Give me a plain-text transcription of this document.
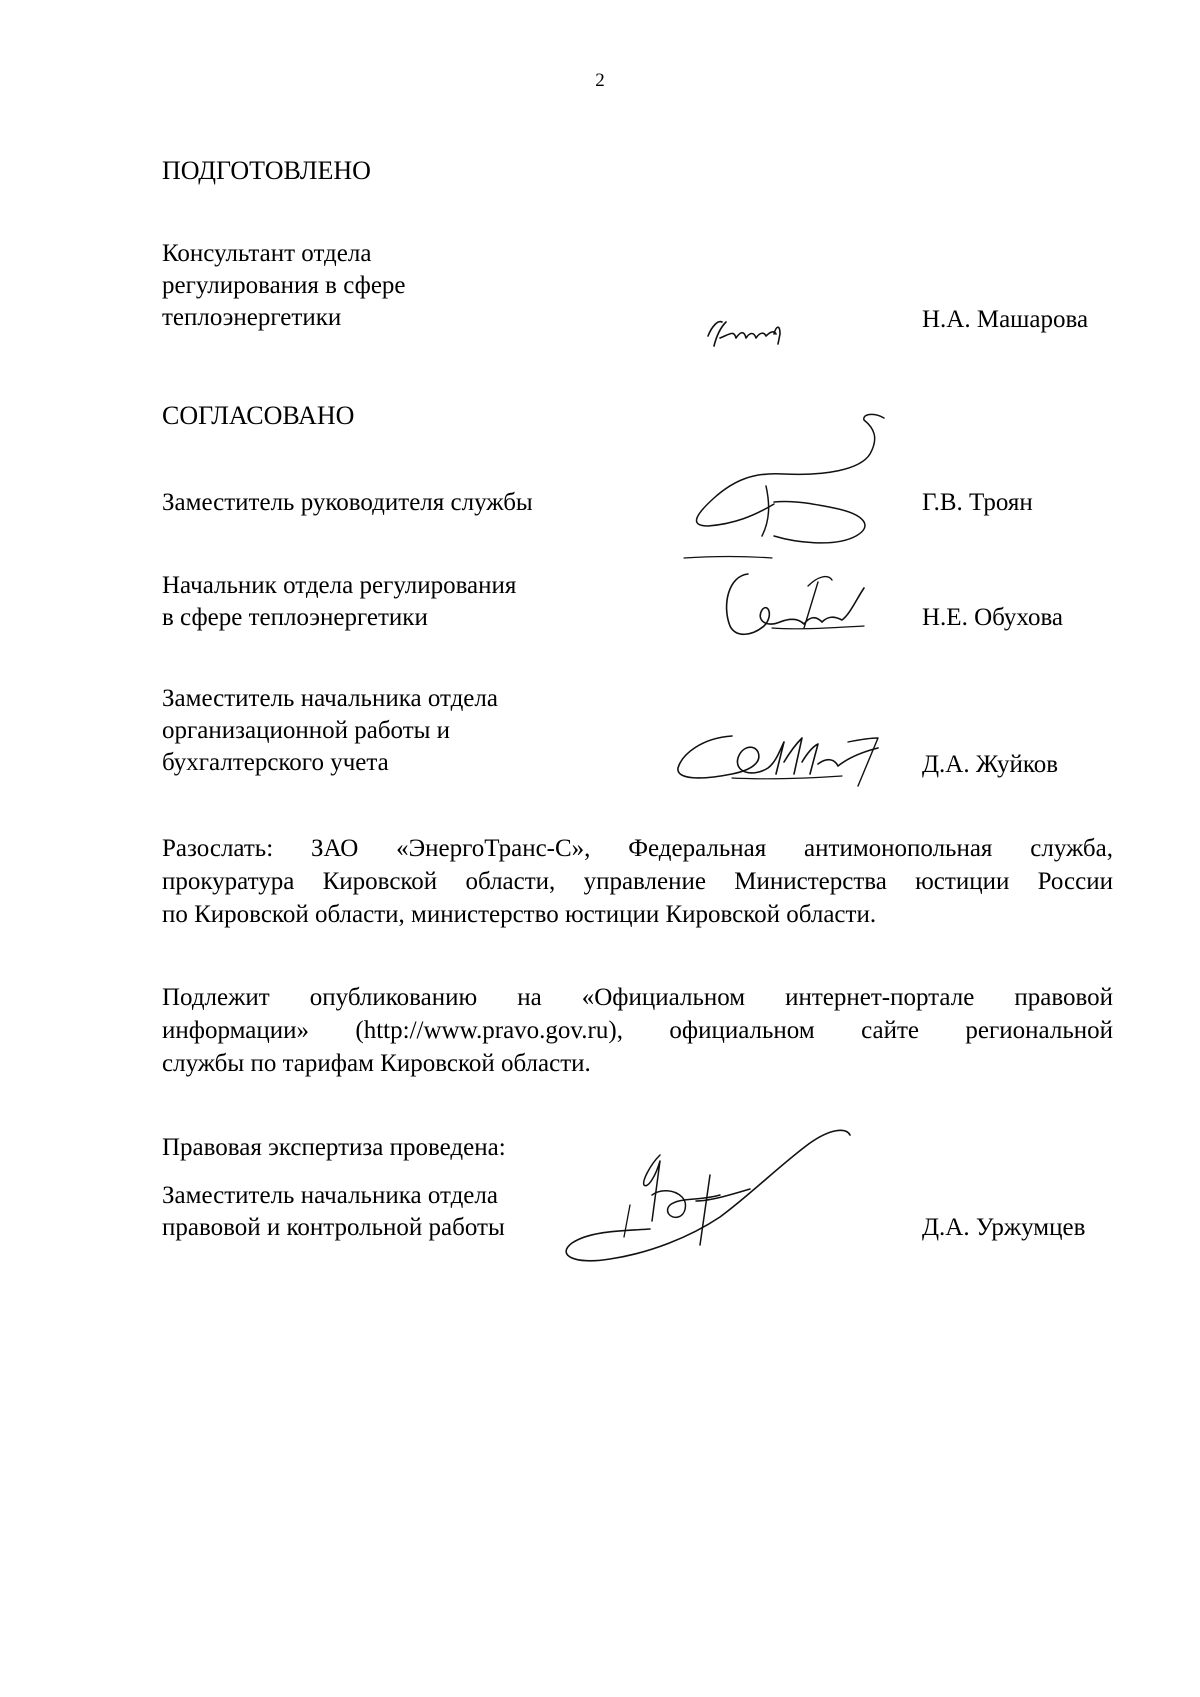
2
ПОДГОТОВЛЕНО
Консультант отдела
регулирования в сфере
теплоэнергетики	Н.А. Машарова
СОГЛАСОВАНО
Заместитель руководителя службы	Г.В. Троян
Начальник отдела регулирования
в сфере теплоэнергетики	Н.Е. Обухова
Заместитель начальника отдела
организационной работы и
бухгалтерского учета	Д.А. Жуйков
Разослать: ЗАО «ЭнергоТранс-С», Федеральная антимонопольная служба,
прокуратура Кировской области, управление Министерства юстиции России
по Кировской области, министерство юстиции Кировской области.
Подлежит опубликованию на «Официальном интернет-портале правовой
информации» (http://www.pravo.gov.ru), официальном сайте региональной
службы по тарифам Кировской области.
Правовая экспертиза проведена:
Заместитель начальника отдела
правовой и контрольной работы	Д.А. Уржумцев
